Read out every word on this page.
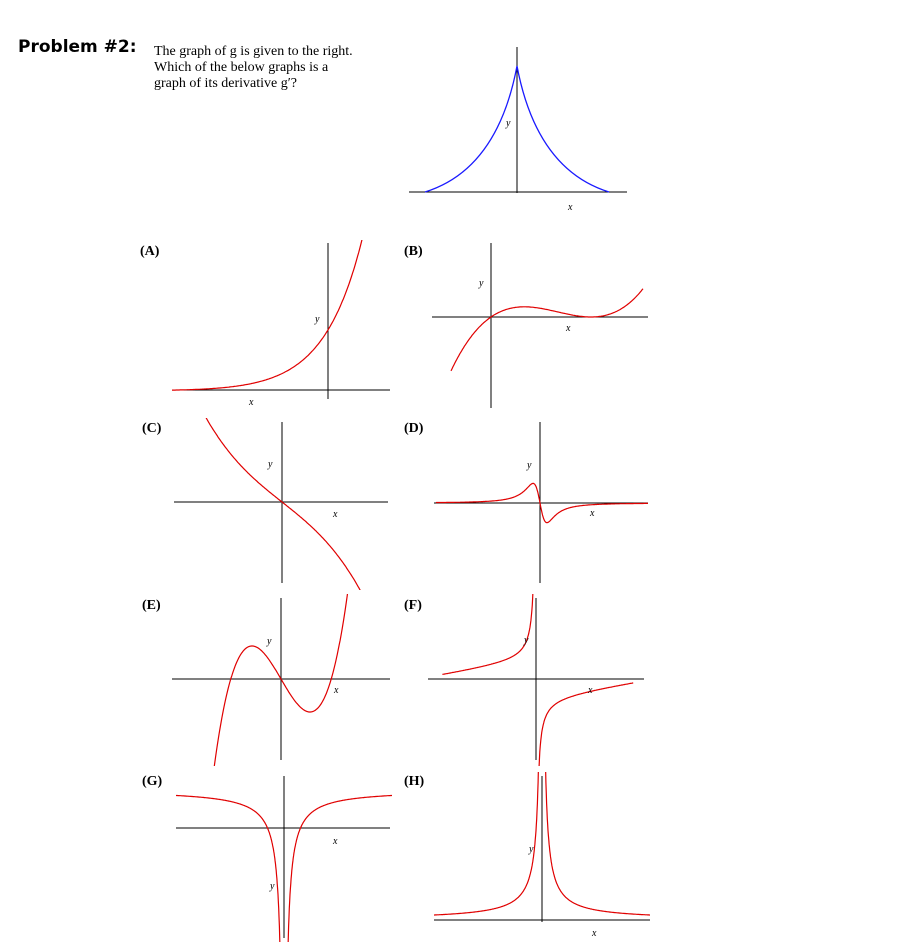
Problem #2: The graph of g is given to the right.
Which of the below graphs is a
graph of its derivative g′?
(A)	(B)
(C)	(D)
(E)	(F)
(G)	(H)
y
x
y
x
y
x
y
x
y
x
y
x
y
x
y
x
y
x
